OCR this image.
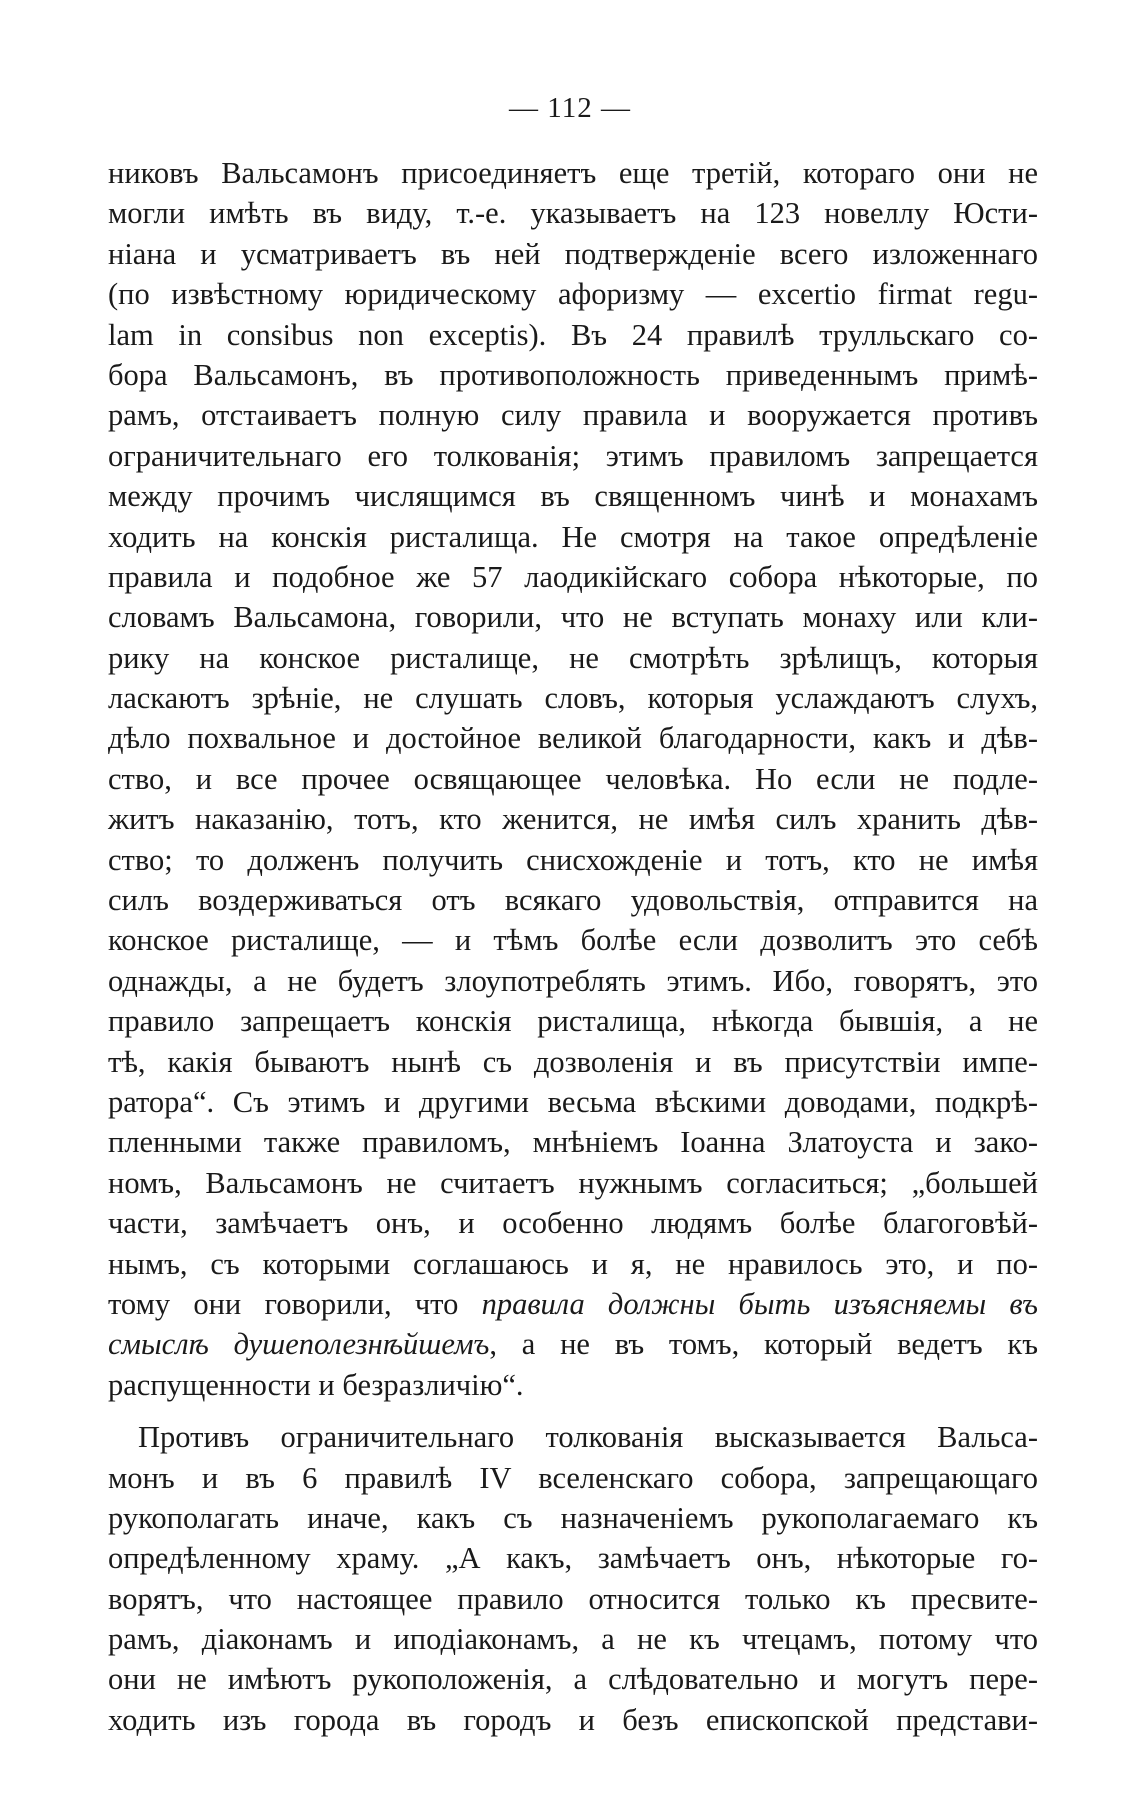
— 112 —
никовъ Вальсамонъ присоединяетъ еще третій, котораго они не
могли имѣть въ виду, т.-е. указываетъ на 123 новеллу Юсти-
ніана и усматриваетъ въ ней подтвержденіе всего изложеннаго
(по извѣстному юридическому афоризму — excertio firmat regu-
lam in consibus non exceptis). Въ 24 правилѣ трулльскаго со-
бора Вальсамонъ, въ противоположность приведеннымъ примѣ-
рамъ, отстаиваетъ полную силу правила и вооружается противъ
ограничительнаго его толкованія; этимъ правиломъ запрещается
между прочимъ числящимся въ священномъ чинѣ и монахамъ
ходить на конскія ристалища. Не смотря на такое опредѣленіе
правила и подобное же 57 лаодикійскаго собора нѣкоторые, по
словамъ Вальсамона, говорили, что не вступать монаху или кли-
рику на конское ристалище, не смотрѣть зрѣлищъ, которыя
ласкаютъ зрѣніе, не слушать словъ, которыя услаждаютъ слухъ,
дѣло похвальное и достойное великой благодарности, какъ и дѣв-
ство, и все прочее освящающее человѣка. Но если не подле-
житъ наказанію, тотъ, кто женится, не имѣя силъ хранить дѣв-
ство; то долженъ получить снисхожденіе и тотъ, кто не имѣя
силъ воздерживаться отъ всякаго удовольствія, отправится на
конское ристалище, — и тѣмъ болѣе если дозволитъ это себѣ
однажды, а не будетъ злоупотреблять этимъ. Ибо, говорятъ, это
правило запрещаетъ конскія ристалища, нѣкогда бывшія, а не
тѣ, какія бываютъ нынѣ съ дозволенія и въ присутствіи импе-
ратора“. Съ этимъ и другими весьма вѣскими доводами, подкрѣ-
пленными также правиломъ, мнѣніемъ Іоанна Златоуста и зако-
номъ, Вальсамонъ не считаетъ нужнымъ согласиться; „большей
части, замѣчаетъ онъ, и особенно людямъ болѣе благоговѣй-
нымъ, съ которыми соглашаюсь и я, не нравилось это, и по-
тому они говорили, что правила должны быть изъясняемы въ
смыслѣ душеполезнѣйшемъ, а не въ томъ, который ведетъ къ
распущенности и безразличію“.
Противъ ограничительнаго толкованія высказывается Вальса-
монъ и въ 6 правилѣ IV вселенскаго собора, запрещающаго
рукополагать иначе, какъ съ назначеніемъ рукополагаемаго къ
опредѣленному храму. „А какъ, замѣчаетъ онъ, нѣкоторые го-
ворятъ, что настоящее правило относится только къ пресвите-
рамъ, діаконамъ и иподіаконамъ, а не къ чтецамъ, потому что
они не имѣютъ рукоположенія, а слѣдовательно и могутъ пере-
ходить изъ города въ городъ и безъ епископской представи-
